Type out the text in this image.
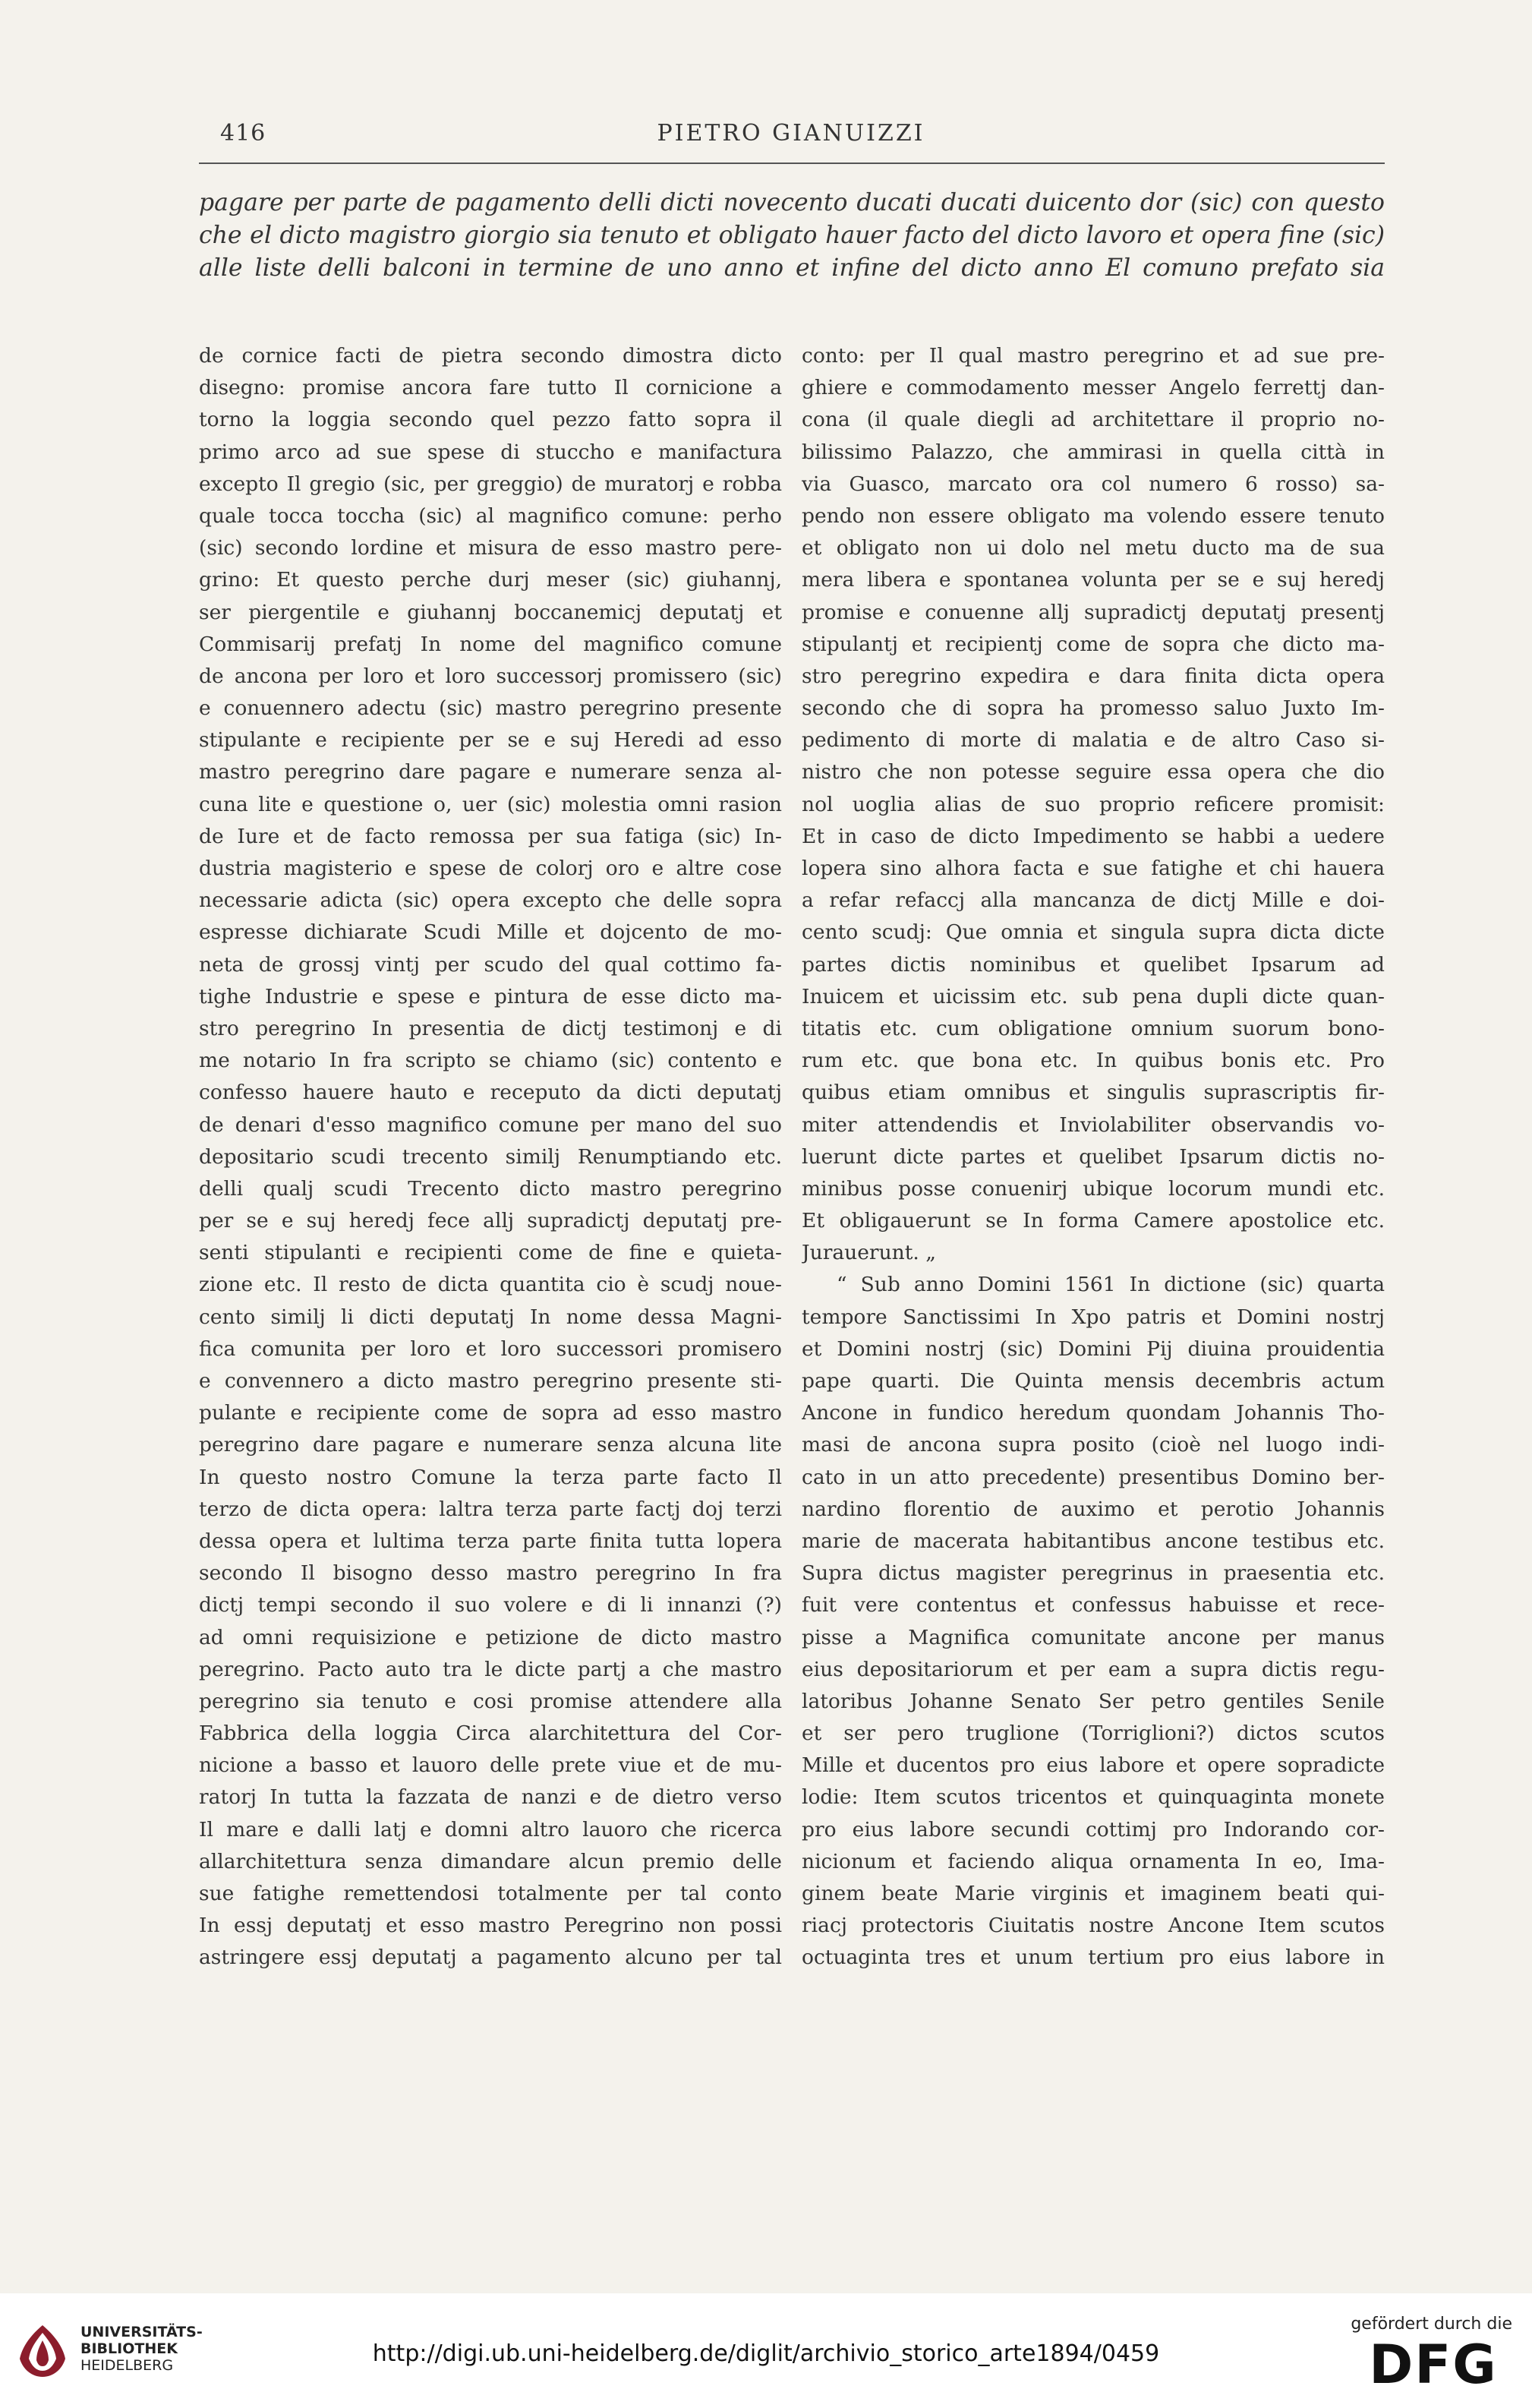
416	PIETRO GIANUIZZI
pagare per parte de pagamento delli dicti novecento ducati ducati duicento dor (sic) con questo
che el dicto magistro giorgio sia tenuto et obligato hauer facto del dicto lavoro et opera fine (sic)
alle liste delli balconi in termine de uno anno et infine del dicto anno El comuno prefato sia
de cornice facti de pietra secondo dimostra dicto
disegno: promise ancora fare tutto Il cornicione a
torno la loggia secondo quel pezzo fatto sopra il
primo arco ad sue spese di stuccho e manifactura
excepto Il gregio (sic, per greggio) de muratorj e robba
quale tocca toccha (sic) al magnifico comune: perho
(sic) secondo lordine et misura de esso mastro pere-
grino: Et questo perche durj meser (sic) giuhannj,
ser piergentile e giuhannj boccanemicj deputatj et
Commisarij prefatj In nome del magnifico comune
de ancona per loro et loro successorj promissero (sic)
e conuennero adectu (sic) mastro peregrino presente
stipulante e recipiente per se e suj Heredi ad esso
mastro peregrino dare pagare e numerare senza al-
cuna lite e questione o, uer (sic) molestia omni rasion
de Iure et de facto remossa per sua fatiga (sic) In-
dustria magisterio e spese de colorj oro e altre cose
necessarie adicta (sic) opera excepto che delle sopra
espresse dichiarate Scudi Mille et dojcento de mo-
neta de grossj vintj per scudo del qual cottimo fa-
tighe Industrie e spese e pintura de esse dicto ma-
stro peregrino In presentia de dictj testimonj e di
me notario In fra scripto se chiamo (sic) contento e
confesso hauere hauto e receputo da dicti deputatj
de denari d'esso magnifico comune per mano del suo
depositario scudi trecento similj Renumptiando etc.
delli qualj scudi Trecento dicto mastro peregrino
per se e suj heredj fece allj supradictj deputatj pre-
senti stipulanti e recipienti come de fine e quieta-
zione etc. Il resto de dicta quantita cio è scudj noue-
cento similj li dicti deputatj In nome dessa Magni-
fica comunita per loro et loro successori promisero
e convennero a dicto mastro peregrino presente sti-
pulante e recipiente come de sopra ad esso mastro
peregrino dare pagare e numerare senza alcuna lite
In questo nostro Comune la terza parte facto Il
terzo de dicta opera: laltra terza parte factj doj terzi
dessa opera et lultima terza parte finita tutta lopera
secondo Il bisogno desso mastro peregrino In fra
dictj tempi secondo il suo volere e di li innanzi (?)
ad omni requisizione e petizione de dicto mastro
peregrino. Pacto auto tra le dicte partj a che mastro
peregrino sia tenuto e cosi promise attendere alla
Fabbrica della loggia Circa alarchitettura del Cor-
nicione a basso et lauoro delle prete viue et de mu-
ratorj In tutta la fazzata de nanzi e de dietro verso
Il mare e dalli latj e domni altro lauoro che ricerca
allarchitettura senza dimandare alcun premio delle
sue fatighe remettendosi totalmente per tal conto
In essj deputatj et esso mastro Peregrino non possi
astringere essj deputatj a pagamento alcuno per tal
conto: per Il qual mastro peregrino et ad sue pre-
ghiere e commodamento messer Angelo ferrettj dan-
cona (il quale diegli ad architettare il proprio no-
bilissimo Palazzo, che ammirasi in quella città in
via Guasco, marcato ora col numero 6 rosso) sa-
pendo non essere obligato ma volendo essere tenuto
et obligato non ui dolo nel metu ducto ma de sua
mera libera e spontanea volunta per se e suj heredj
promise e conuenne allj supradictj deputatj presentj
stipulantj et recipientj come de sopra che dicto ma-
stro peregrino expedira e dara finita dicta opera
secondo che di sopra ha promesso saluo Juxto Im-
pedimento di morte di malatia e de altro Caso si-
nistro che non potesse seguire essa opera che dio
nol uoglia alias de suo proprio reficere promisit:
Et in caso de dicto Impedimento se habbi a uedere
lopera sino alhora facta e sue fatighe et chi hauera
a refar refaccj alla mancanza de dictj Mille e doi-
cento scudj: Que omnia et singula supra dicta dicte
partes dictis nominibus et quelibet Ipsarum ad
Inuicem et uicissim etc. sub pena dupli dicte quan-
titatis etc. cum obligatione omnium suorum bono-
rum etc. que bona etc. In quibus bonis etc. Pro
quibus etiam omnibus et singulis suprascriptis fir-
miter attendendis et Inviolabiliter observandis vo-
luerunt dicte partes et quelibet Ipsarum dictis no-
minibus posse conuenirj ubique locorum mundi etc.
Et obligauerunt se In forma Camere apostolice etc.
Jurauerunt. „
“ Sub anno Domini 1561 In dictione (sic) quarta
tempore Sanctissimi In Xpo patris et Domini nostrj
et Domini nostrj (sic) Domini Pij diuina prouidentia
pape quarti. Die Quinta mensis decembris actum
Ancone in fundico heredum quondam Johannis Tho-
masi de ancona supra posito (cioè nel luogo indi-
cato in un atto precedente) presentibus Domino ber-
nardino florentio de auximo et perotio Johannis
marie de macerata habitantibus ancone testibus etc.
Supra dictus magister peregrinus in praesentia etc.
fuit vere contentus et confessus habuisse et rece-
pisse a Magnifica comunitate ancone per manus
eius depositariorum et per eam a supra dictis regu-
latoribus Johanne Senato Ser petro gentiles Senile
et ser pero truglione (Torriglioni?) dictos scutos
Mille et ducentos pro eius labore et opere sopradicte
lodie: Item scutos tricentos et quinquaginta monete
pro eius labore secundi cottimj pro Indorando cor-
nicionum et faciendo aliqua ornamenta In eo, Ima-
ginem beate Marie virginis et imaginem beati qui-
riacj protectoris Ciuitatis nostre Ancone Item scutos
octuaginta tres et unum tertium pro eius labore in
UNIVERSITÄTS-
BIBLIOTHEK
HEIDELBERG	http://digi.ub.uni-heidelberg.de/diglit/archivio_storico_arte1894/0459
gefördert durch die
DFG
